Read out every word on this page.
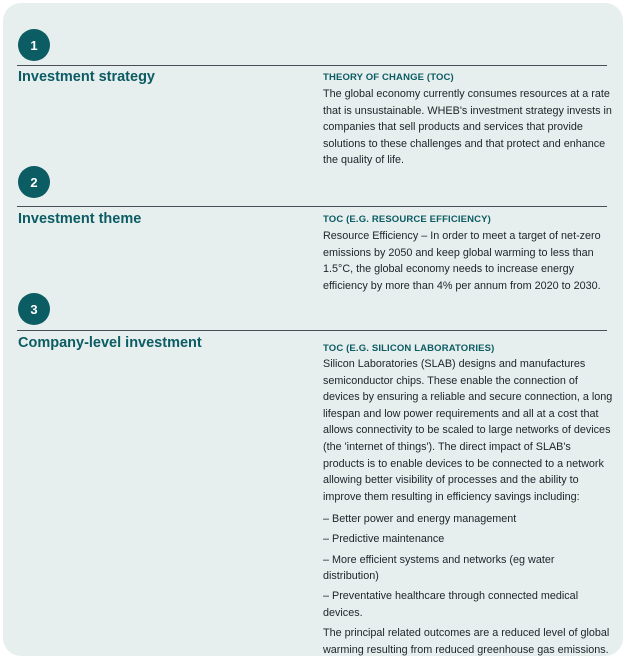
1
Investment strategy	THEORY OF CHANGE (TOC)

The global economy currently consumes resources at a rate that is unsustainable. WHEB's investment strategy invests in companies that sell products and services that provide solutions to these challenges and that protect and enhance the quality of life.

2
Investment theme	TOC (E.G. RESOURCE EFFICIENCY)

Resource Efficiency – In order to meet a target of net-zero emissions by 2050 and keep global warming to less than 1.5°C, the global economy needs to increase energy efficiency by more than 4% per annum from 2020 to 2030.

3
Company-level investment	TOC (E.G. SILICON LABORATORIES)

Silicon Laboratories (SLAB) designs and manufactures semiconductor chips. These enable the connection of devices by ensuring a reliable and secure connection, a long lifespan and low power requirements and all at a cost that allows connectivity to be scaled to large networks of devices (the 'internet of things'). The direct impact of SLAB's products is to enable devices to be connected to a network allowing better visibility of processes and the ability to improve them resulting in efficiency savings including:

– Better power and energy management
– Predictive maintenance
– More efficient systems and networks (eg water distribution)
– Preventative healthcare through connected medical devices.

The principal related outcomes are a reduced level of global warming resulting from reduced greenhouse gas emissions.
